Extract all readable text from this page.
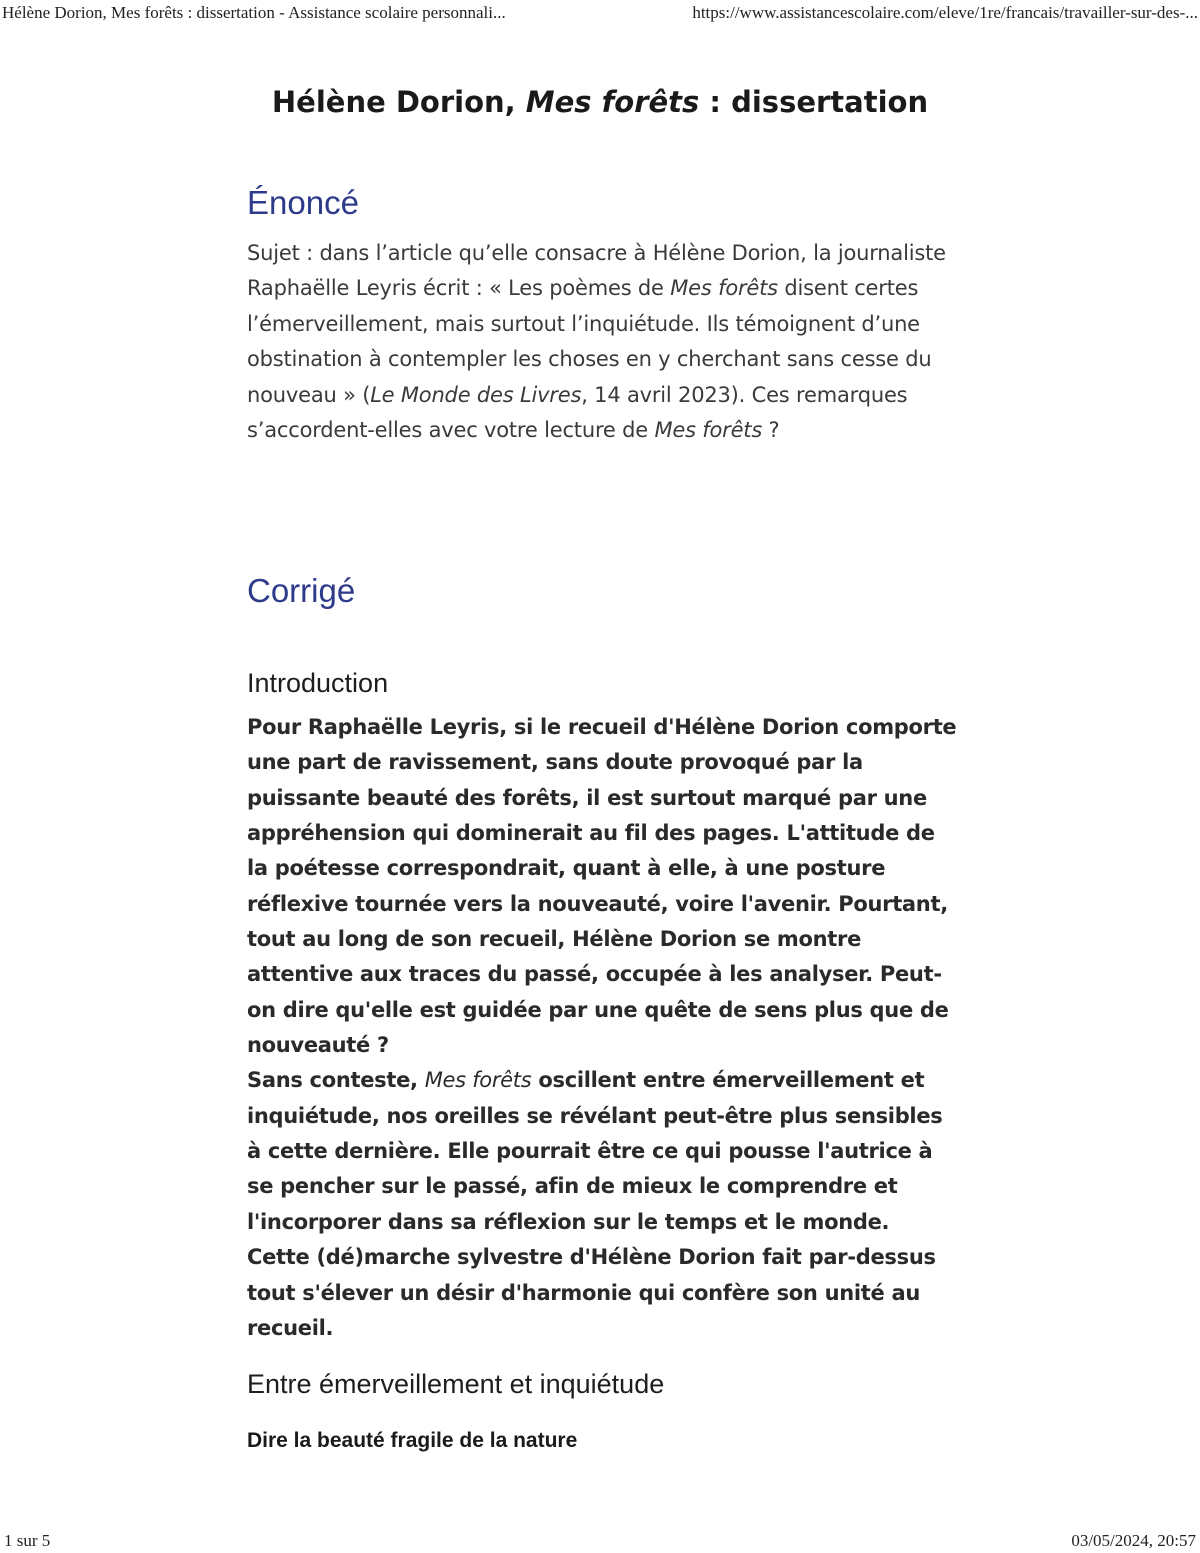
Hélène Dorion, Mes forêts : dissertation - Assistance scolaire personnali...	https://www.assistancescolaire.com/eleve/1re/francais/travailler-sur-des-...
Hélène Dorion, Mes forêts : dissertation
Énoncé

Sujet : dans l’article qu’elle consacre à Hélène Dorion, la journaliste Raphaëlle Leyris écrit : « Les poèmes de Mes forêts disent certes l’émerveillement, mais surtout l’inquiétude. Ils témoignent d’une obstination à contempler les choses en y cherchant sans cesse du nouveau » (Le Monde des Livres, 14 avril 2023). Ces remarques s’accordent-elles avec votre lecture de Mes forêts ?

Corrigé
Introduction
Pour Raphaëlle Leyris, si le recueil d'Hélène Dorion comporte une part de ravissement, sans doute provoqué par la puissante beauté des forêts, il est surtout marqué par une appréhension qui dominerait au fil des pages. L'attitude de la poétesse correspondrait, quant à elle, à une posture réflexive tournée vers la nouveauté, voire l'avenir. Pourtant, tout au long de son recueil, Hélène Dorion se montre attentive aux traces du passé, occupée à les analyser. Peut-on dire qu'elle est guidée par une quête de sens plus que de nouveauté ?
Sans conteste, Mes forêts oscillent entre émerveillement et inquiétude, nos oreilles se révélant peut-être plus sensibles à cette dernière. Elle pourrait être ce qui pousse l'autrice à se pencher sur le passé, afin de mieux le comprendre et l'incorporer dans sa réflexion sur le temps et le monde.
Cette (dé)marche sylvestre d'Hélène Dorion fait par-dessus tout s'élever un désir d'harmonie qui confère son unité au recueil.
Entre émerveillement et inquiétude
Dire la beauté fragile de la nature
1 sur 5	03/05/2024, 20:57
